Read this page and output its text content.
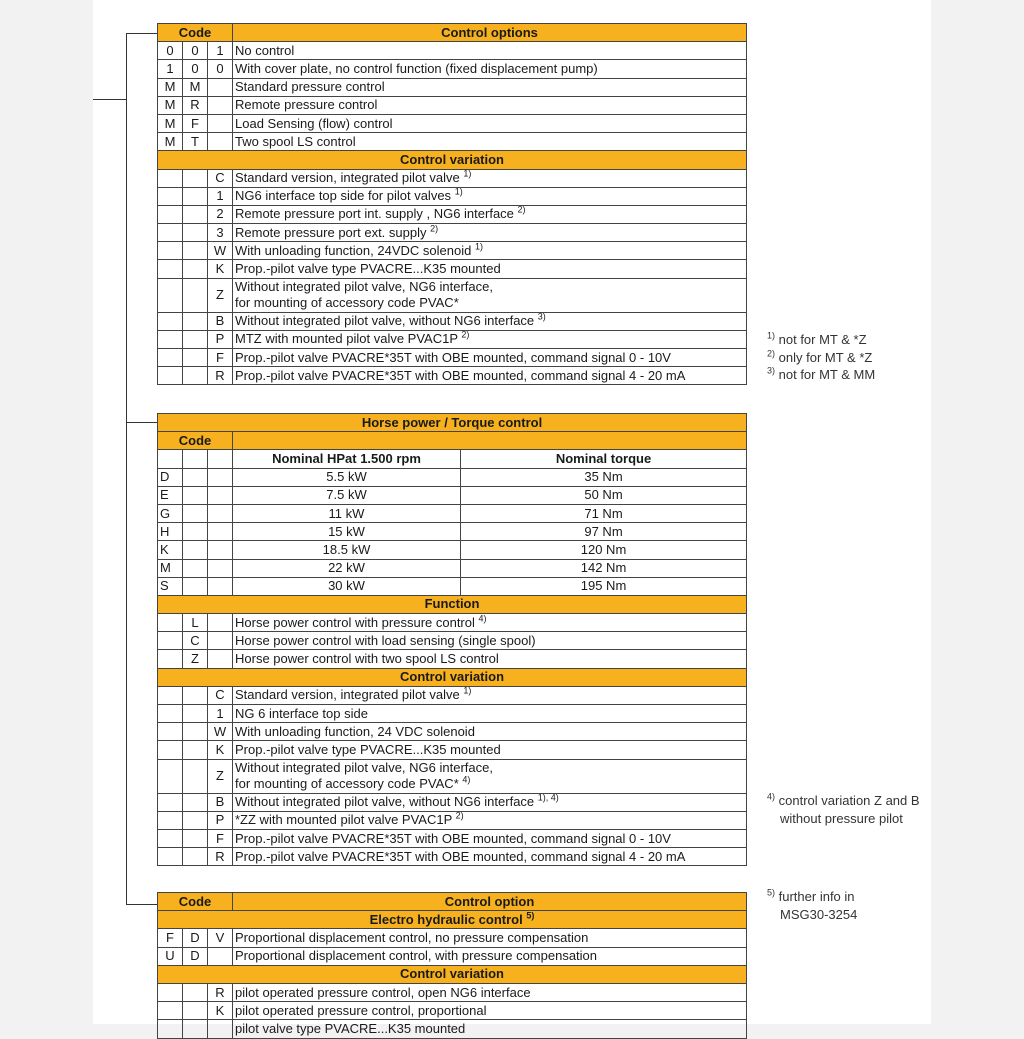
$^{1)}$ not for MT & *Z
$^{2)}$ only for MT & *Z
$^{3)}$ not for MT & MM
$^{4)}$ control variation Z and B
without pressure pilot
$^{5)}$ further info in
MSG30-3254
Code			Control options
0	0	1	No control
1	0	0	With cover plate, no control function (fixed displacement pump)
M	M		Standard pressure control
M	R		Remote pressure control
M	F		Load Sensing (flow) control
M	T		Two spool LS control
Control variation			
		C	Standard version, integrated pilot valve $^{1)}$
		1	NG6 interface top side for pilot valves $^{1)}$
		2	Remote pressure port int. supply , NG6 interface $^{2)}$
		3	Remote pressure port ext. supply $^{2)}$
		W	With unloading function, 24VDC solenoid $^{1)}$
		K	Prop.-pilot valve type PVACRE...K35 mounted
		Z	Without integrated pilot valve, NG6 interface,
for mounting of accessory code PVAC*
		B	Without integrated pilot valve, without NG6 interface $^{3)}$
		P	MTZ with mounted pilot valve PVAC1P $^{2)}$
		F	Prop.-pilot valve PVACRE*35T with OBE mounted, command signal 0 - 10V
		R	Prop.-pilot valve PVACRE*35T with OBE mounted, command signal 4 - 20 mA
Horse power / Torque control				
Code				
			Nominal HPat 1.500 rpm	Nominal torque
D			5.5 kW	35 Nm
E			7.5 kW	50 Nm
G			11 kW	71 Nm
H			15 kW	97 Nm
K			18.5 kW	120 Nm
M			22 kW	142 Nm
S			30 kW	195 Nm
Function				
	L		Horse power control with pressure control $^{4)}$
	C		Horse power control with load sensing (single spool)	
	Z		Horse power control with two spool LS control	
Control variation				
		C	Standard version, integrated pilot valve $^{1)}$
		1	NG 6 interface top side	
		W	With unloading function, 24 VDC solenoid	
		K	Prop.-pilot valve type PVACRE...K35 mounted	
		Z	Without integrated pilot valve, NG6 interface,
for mounting of accessory code PVAC* $^{4)}$
		B	Without integrated pilot valve, without NG6 interface $^{1), 4)}$
		P	*ZZ with mounted pilot valve PVAC1P $^{2)}$
		F	Prop.-pilot valve PVACRE*35T with OBE mounted, command signal 0 - 10V	
		R	Prop.-pilot valve PVACRE*35T with OBE mounted, command signal 4 - 20 mA	
Code			Control option
Electro hydraulic control $^{5)}$
F	D	V	Proportional displacement control, no pressure compensation
U	D		Proportional displacement control, with pressure compensation
Control variation			
		R	pilot operated pressure control, open NG6 interface
		K	pilot operated pressure control, proportional
			pilot valve type PVACRE...K35 mounted
